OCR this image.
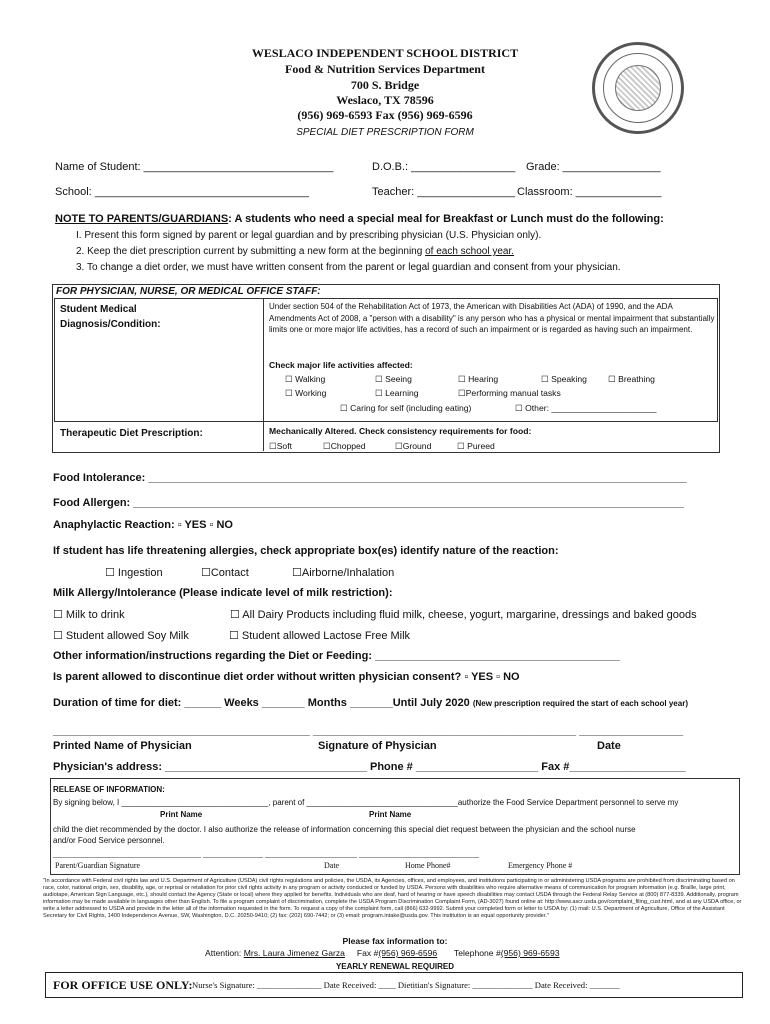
WESLACO INDEPENDENT SCHOOL DISTRICT
Food & Nutrition Services Department
700 S. Bridge
Weslaco, TX 78596
(956) 969-6593 Fax (956) 969-6596
SPECIAL DIET PRESCRIPTION FORM
Name of Student: _______________________________	D.O.B.: _________________ Grade: ________________
School: ___________________________________	Teacher: ________________ Classroom: ______________
NOTE TO PARENTS/GUARDIANS: A students who need a special meal for Breakfast or Lunch must do the following:
I. Present this form signed by parent or legal guardian and by prescribing physician (U.S. Physician only).
2. Keep the diet prescription current by submitting a new form at the beginning of each school year.
3. To change a diet order, we must have written consent from the parent or legal guardian and consent from your physician.
FOR PHYSICIAN, NURSE, OR MEDICAL OFFICE STAFF:
Student Medical
Diagnosis/Condition:
Under section 504 of the Rehabilitation Act of 1973, the American with Disabilities Act (ADA) of 1990, and the ADA Amendments Act of 2008, a "person with a disability" is any person who has a physical or mental impairment that substantially limits one or more major life activities, has a record of such an impairment or is regarded as having such an impairment.
Check major life activities affected:
☐ Walking	☐ Seeing	☐ Hearing	☐ Speaking ☐ Breathing
☐ Working	☐ Learning	☐Performing manual tasks
☐ Caring for self (including eating)	☐ Other: ______________________
Therapeutic Diet Prescription:	Mechanically Altered. Check consistency requirements for food:
☐Soft	☐Chopped	☐Ground	☐ Pureed
Food Intolerance: ________________________________________________________________________________________
Food Allergen: __________________________________________________________________________________________
Anaphylactic Reaction: ▫ YES ▫ NO
If student has life threatening allergies, check appropriate box(es) identify nature of the reaction:
☐ Ingestion	☐Contact	☐Airborne/Inhalation
Milk Allergy/Intolerance (Please indicate level of milk restriction):
☐ Milk to drink	☐ All Dairy Products including fluid milk, cheese, yogurt, margarine, dressings and baked goods
☐ Student allowed Soy Milk	☐ Student allowed Lactose Free Milk
Other information/instructions regarding the Diet or Feeding: ________________________________________
Is parent allowed to discontinue diet order without written physician consent? ▫ YES ▫ NO
Duration of time for diet: ______ Weeks _______ Months _______Until July 2020 (New prescription required the start of each school year)
__________________________________________ ___________________________________________ _________________
Printed Name of Physician	Signature of Physician	Date
Physician's address: _________________________________ Phone # ____________________ Fax #___________________
RELEASE OF INFORMATION:
By signing below, I _________________________________, parent of __________________________________authorize the Food Service Department personnel to serve my
Print Name	Print Name
child the diet recommended by the doctor. I also authorize the release of information concerning this special diet request between the physician and the school nurse
and/or Food Service personnel.
_____________________________________ _______________ _______________________ ______________________________
Parent/Guardian Signature	Date	Home Phone#	Emergency Phone #
"In accordance with Federal civil rights law and U.S. Department of Agriculture (USDA) civil rights regulations and policies, the USDA, its Agencies, offices, and employees, and institutions participating in or administering USDA programs are prohibited from discriminating based on race, color, national origin, sex, disability, age, or reprisal or retaliation for prior civil rights activity in any program or activity conducted or funded by USDA. Persons with disabilities who require alternative means of communication for program information (e.g. Braille, large print, audiotape, American Sign Language, etc.), should contact the Agency (State or local) where they applied for benefits. Individuals who are deaf, hard of hearing or have speech disabilities may contact USDA through the Federal Relay Service at (800) 877-8339. Additionally, program information may be made available in languages other than English. To file a program complaint of discrimination, complete the USDA Program Discrimination Complaint Form, (AD-3027) found online at: http://www.ascr.usda.gov/complaint_filing_cust.html, and at any USDA office, or write a letter addressed to USDA and provide in the letter all of the information requested in the form. To request a copy of the complaint form, call (866) 632-9992. Submit your completed form or letter to USDA by: (1) mail: U.S. Department of Agriculture, Office of the Assistant Secretary for Civil Rights, 1400 Independence Avenue, SW, Washington, D.C. 20250-9410; (2) fax: (202) 690-7442; or (3) email: program.intake@usda.gov. This institution is an equal opportunity provider."
Please fax information to:
Attention: Mrs. Laura Jimenez Garza Fax #(956) 969-6596 Telephone #(956) 969-6593
YEARLY RENEWAL REQUIRED
FOR OFFICE USE ONLY: Nurse's Signature: _______________ Date Received: ____ Dietitian's Signature: ______________ Date Received: _______
